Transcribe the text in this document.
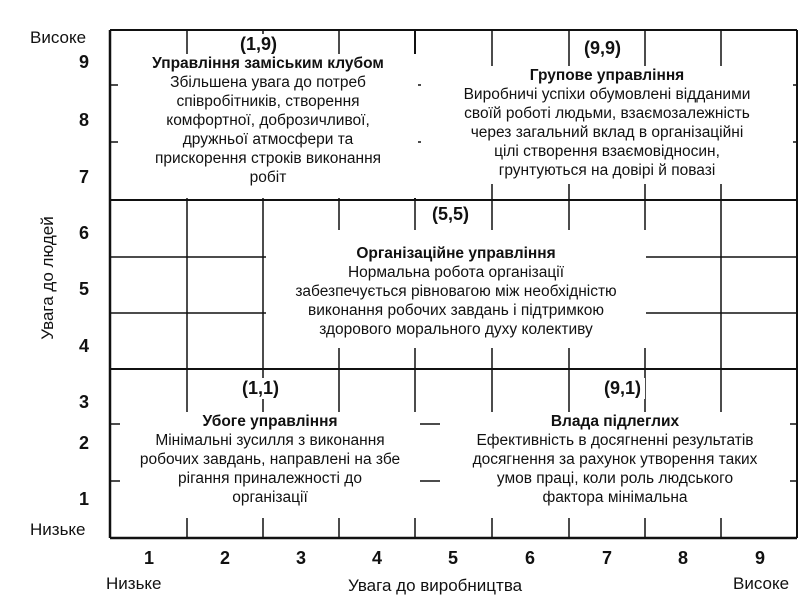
Увага до людей
Високе
Низьке
9
8
7
6
5
4
3
2
1
1	2	3	4	5	6	7	8	9
Низьке	Увага до виробництва	Високе
Управління заміським клубом
Збільшена увага до потреб
співробітників, створення
комфортної, доброзичливої,
дружньої атмосфери та
прискорення строків виконання
робіт
(1,9)
Групове управління
Виробничі успіхи обумовлені відданими
своїй роботі людьми, взаємозалежність
через загальний вклад в організаційні
цілі створення взаємовідносин,
грунтуються на довірі й повазі
(9,9)
Організаційне управління
Нормальна робота організації
забезпечується рівновагою між необхідністю
виконання робочих завдань і підтримкою
здорового морального духу колективу
(5,5)
Убоге управління
Мінімальні зусилля з виконання
робочих завдань, направлені на збе
рігання приналежності до
організації
(1,1)
Влада підлеглих
Ефективність в досягненні результатів
досягнення за рахунок утворення таких
умов праці, коли роль людського
фактора мінімальна
(9,1)
